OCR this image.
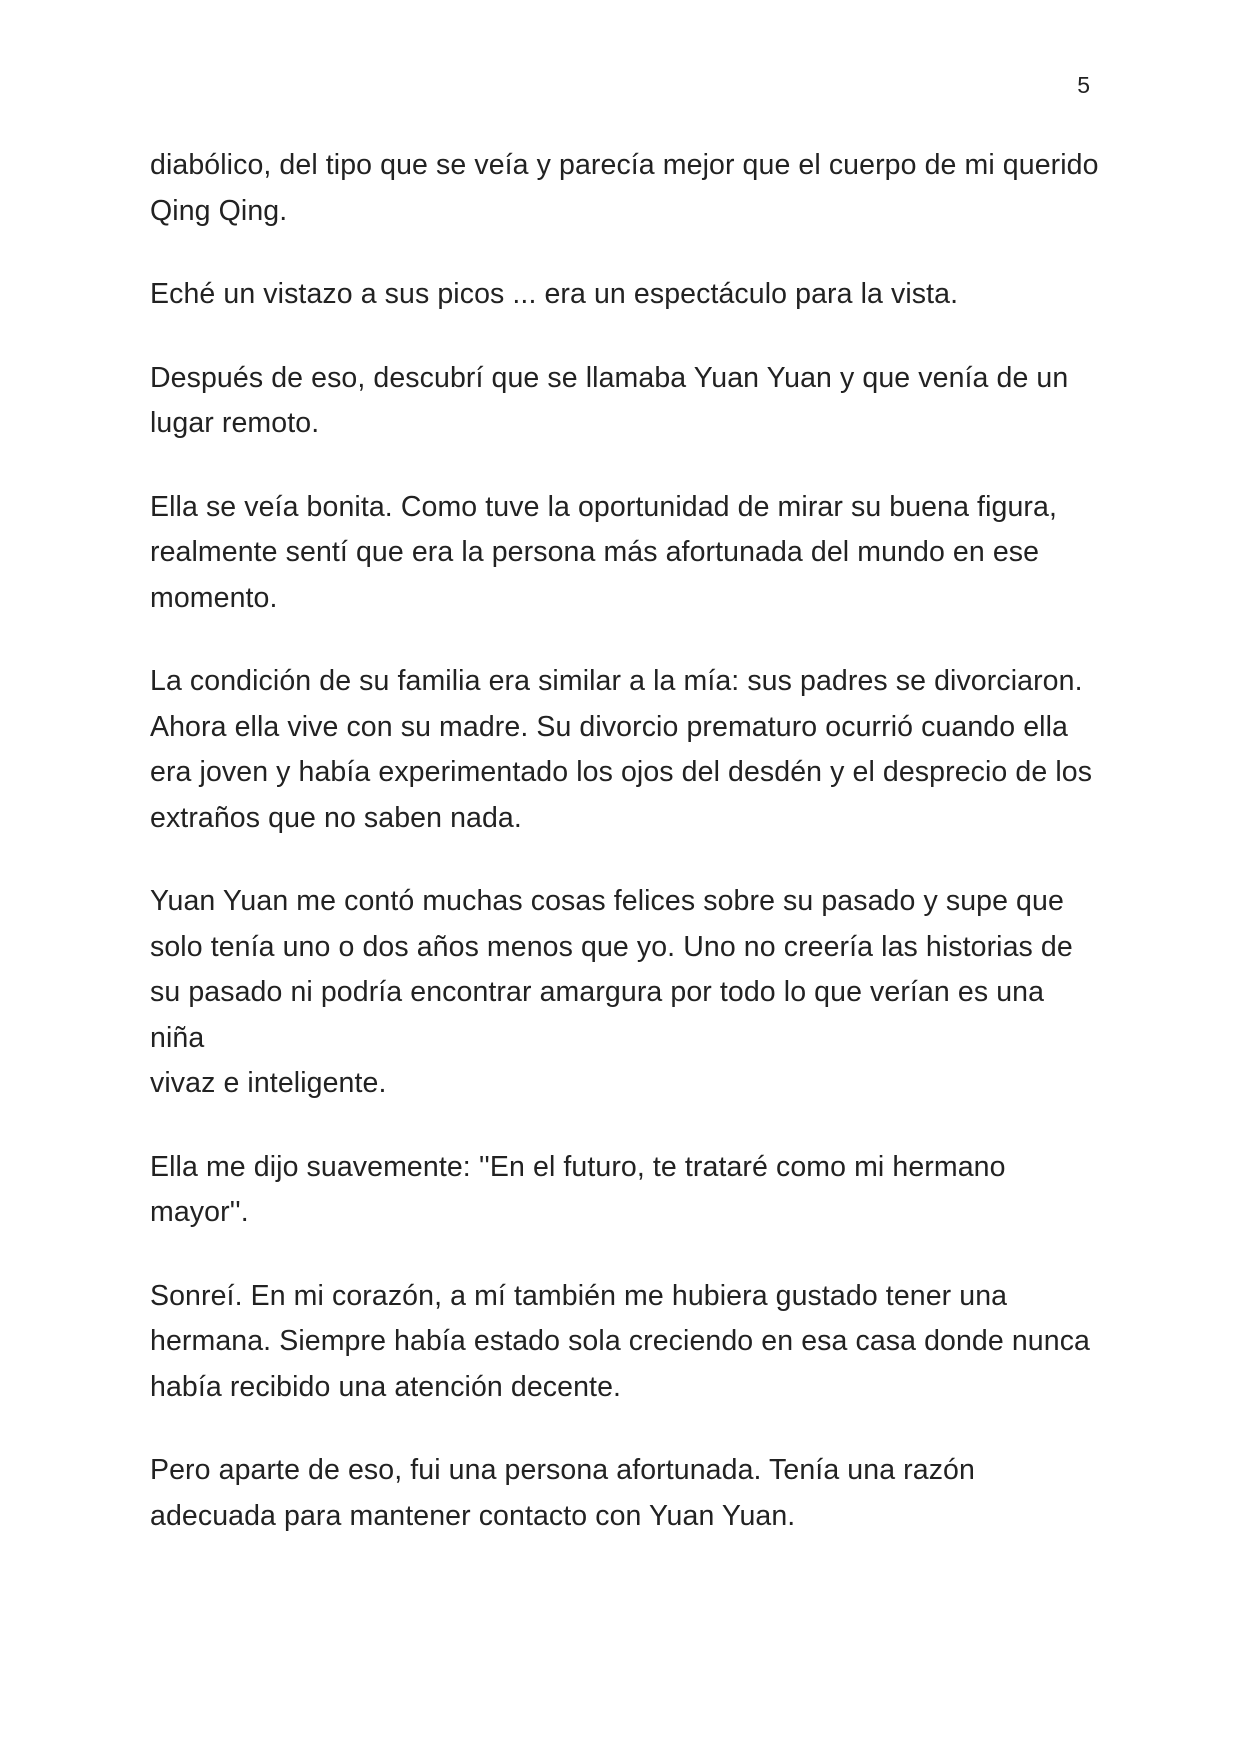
5

diabólico, del tipo que se veía y parecía mejor que el cuerpo de mi querido
Qing Qing.

Eché un vistazo a sus picos ... era un espectáculo para la vista.

Después de eso, descubrí que se llamaba Yuan Yuan y que venía de un
lugar remoto.

Ella se veía bonita. Como tuve la oportunidad de mirar su buena figura,
realmente sentí que era la persona más afortunada del mundo en ese
momento.

La condición de su familia era similar a la mía: sus padres se divorciaron.
Ahora ella vive con su madre. Su divorcio prematuro ocurrió cuando ella
era joven y había experimentado los ojos del desdén y el desprecio de los
extraños que no saben nada.

Yuan Yuan me contó muchas cosas felices sobre su pasado y supe que
solo tenía uno o dos años menos que yo. Uno no creería las historias de
su pasado ni podría encontrar amargura por todo lo que verían es una niña
vivaz e inteligente.

Ella me dijo suavemente: ''En el futuro, te trataré como mi hermano
mayor''.

Sonreí. En mi corazón, a mí también me hubiera gustado tener una
hermana. Siempre había estado sola creciendo en esa casa donde nunca
había recibido una atención decente.

Pero aparte de eso, fui una persona afortunada. Tenía una razón
adecuada para mantener contacto con Yuan Yuan.
